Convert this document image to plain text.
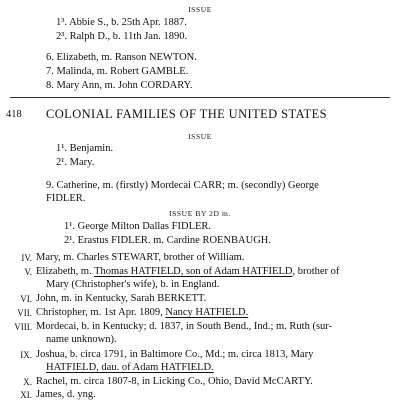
ISSUE
1³. Abbie S., b. 25th Apr. 1887.
2³. Ralph D., b. 11th Jan. 1890.
6. Elizabeth, m. Ranson NEWTON.
7. Malinda, m. Robert GAMBLE.
8. Mary Ann, m. John CORDARY.
418 COLONIAL FAMILIES OF THE UNITED STATES
ISSUE
1¹. Benjamin.
2¹. Mary.
9. Catherine, m. (firstly) Mordecai CARR; m. (secondly) George
FIDLER.
ISSUE BY 2D m.
1¹. George Milton Dallas FIDLER.
2¹. Erastus FIDLER. m. Cardine ROENBAUGH.
IV. Mary, m. Charles STEWART, brother of William.
V. Elizabeth, m. Thomas HATFIELD, son of Adam HATFIELD, brother of
Mary (Christopher's wife), b. in England.
VI. John, m. in Kentucky, Sarah BERKETT.
VII. Christopher, m. 1st Apr. 1809, Nancy HATFIELD.
VIII. Mordecai, b. in Kentucky; d. 1837, in South Bend., Ind.; m. Ruth (sur-
name unknown).
IX. Joshua, b. circa 1791, in Baltimore Co., Md.; m. circa 1813, Mary
HATFIELD, dau. of Adam HATFIELD.
X. Rachel, m. circa 1807-8, in Licking Co., Ohio, David McCARTY.
XI. James, d. yng.
